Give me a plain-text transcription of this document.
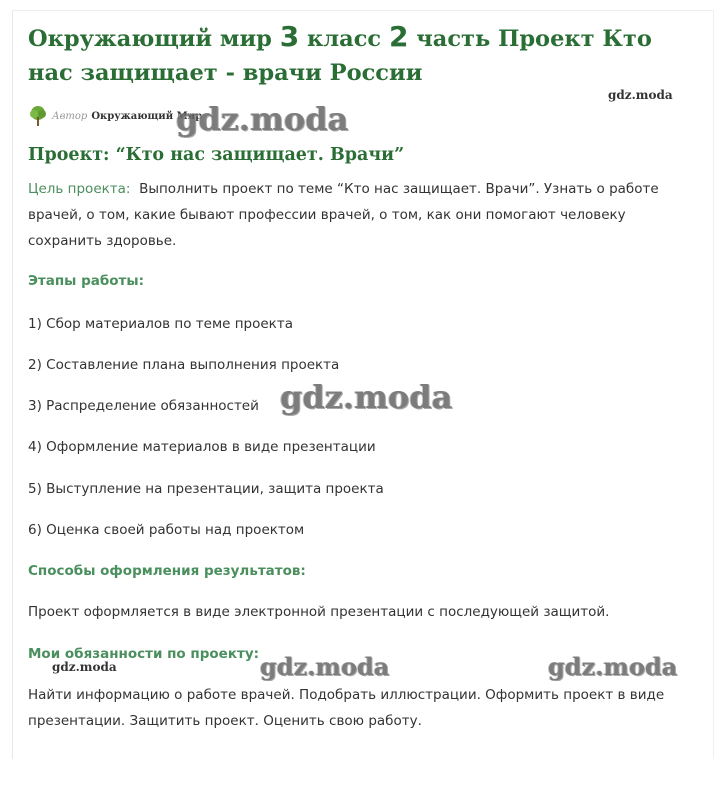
Окружающий мир 3 класс 2 часть Проект Кто нас защищает - врачи России
Автор Окружающий Мир
Проект: “Кто нас защищает. Врачи”
Цель проекта: Выполнить проект по теме “Кто нас защищает. Врачи”. Узнать о работе врачей, о том, какие бывают профессии врачей, о том, как они помогают человеку сохранить здоровье.
Этапы работы:
1) Сбор материалов по теме проекта
2) Составление плана выполнения проекта
3) Распределение обязанностей
4) Оформление материалов в виде презентации
5) Выступление на презентации, защита проекта
6) Оценка своей работы над проектом
Способы оформления результатов:
Проект оформляется в виде электронной презентации с последующей защитой.
Мои обязанности по проекту:
Найти информацию о работе врачей. Подобрать иллюстрации. Оформить проект в виде презентации. Защитить проект. Оценить свою работу.
gdz.moda
gdz.moda
gdz.moda
gdz.moda	gdz.moda	gdz.moda
